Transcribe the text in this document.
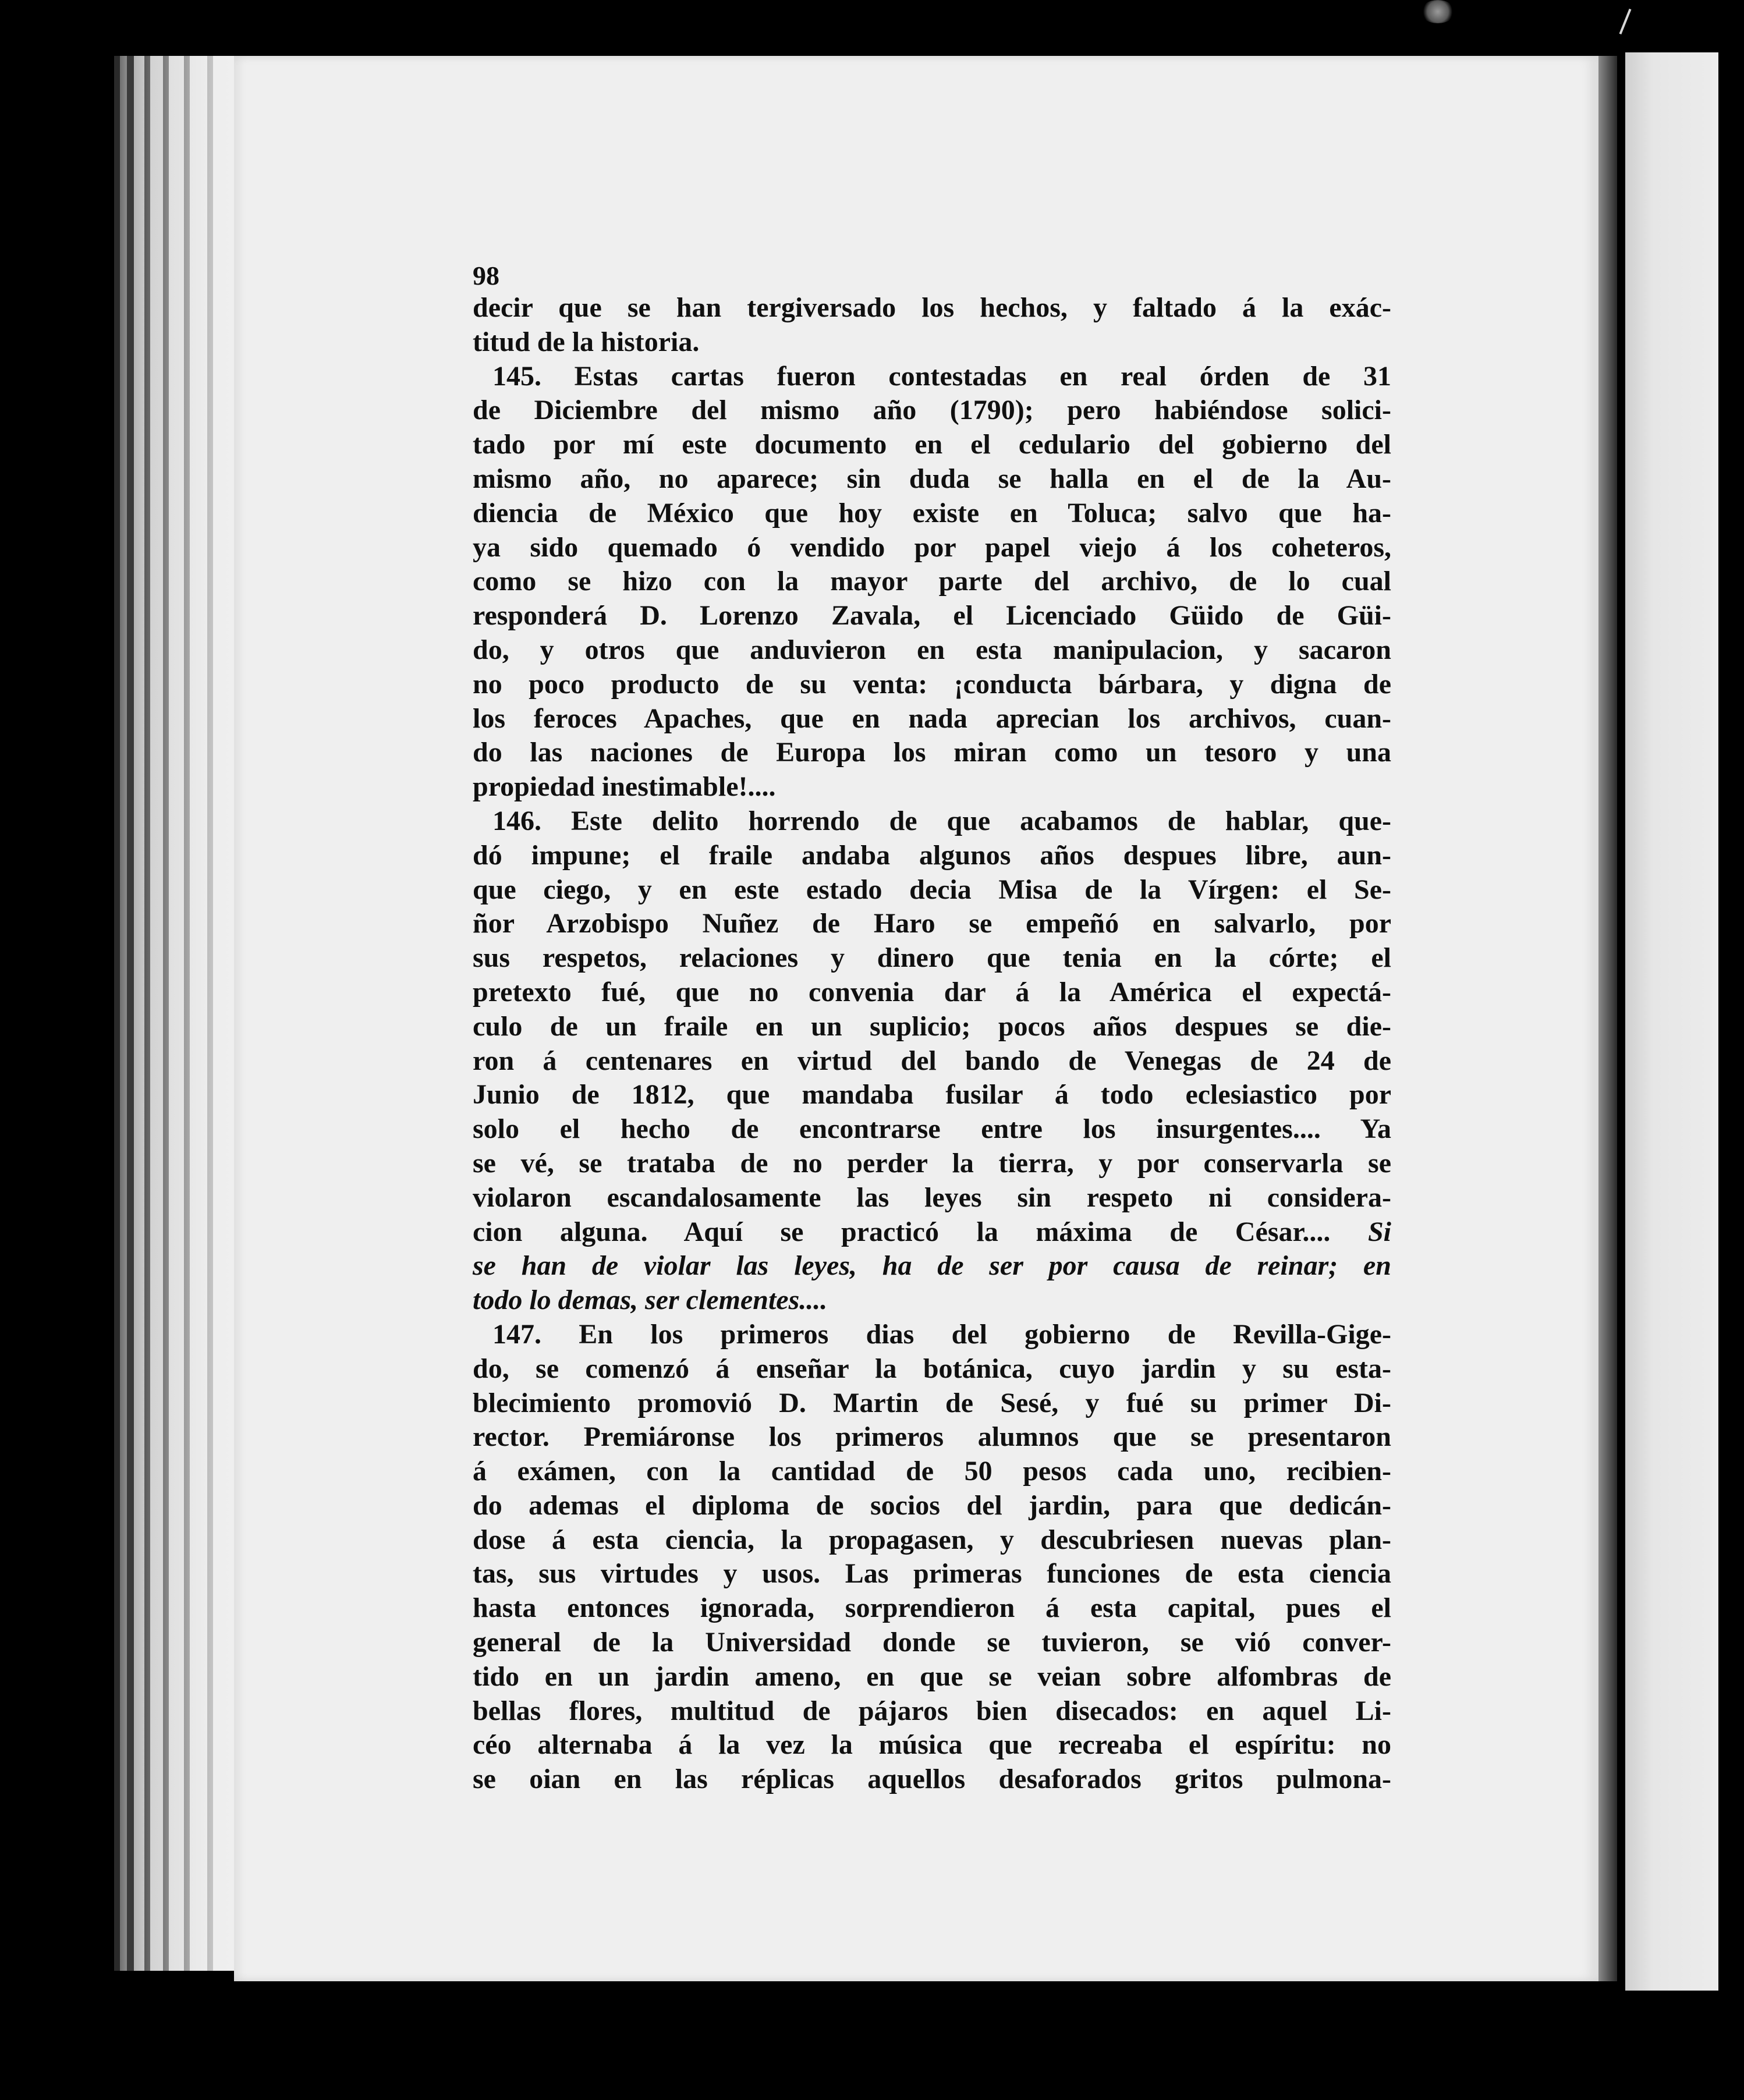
98
decir que se han tergiversado los hechos, y faltado á la exác-
titud de la historia.
145. Estas cartas fueron contestadas en real órden de 31
de Diciembre del mismo año (1790); pero habiéndose solici-
tado por mí este documento en el cedulario del gobierno del
mismo año, no aparece; sin duda se halla en el de la Au-
diencia de México que hoy existe en Toluca; salvo que ha-
ya sido quemado ó vendido por papel viejo á los coheteros,
como se hizo con la mayor parte del archivo, de lo cual
responderá D. Lorenzo Zavala, el Licenciado Güido de Güi-
do, y otros que anduvieron en esta manipulacion, y sacaron
no poco producto de su venta: ¡conducta bárbara, y digna de
los feroces Apaches, que en nada aprecian los archivos, cuan-
do las naciones de Europa los miran como un tesoro y una
propiedad inestimable!....
146. Este delito horrendo de que acabamos de hablar, que-
dó impune; el fraile andaba algunos años despues libre, aun-
que ciego, y en este estado decia Misa de la Vírgen: el Se-
ñor Arzobispo Nuñez de Haro se empeñó en salvarlo, por
sus respetos, relaciones y dinero que tenia en la córte; el
pretexto fué, que no convenia dar á la América el expectá-
culo de un fraile en un suplicio; pocos años despues se die-
ron á centenares en virtud del bando de Venegas de 24 de
Junio de 1812, que mandaba fusilar á todo eclesiastico por
solo el hecho de encontrarse entre los insurgentes.... Ya
se vé, se trataba de no perder la tierra, y por conservarla se
violaron escandalosamente las leyes sin respeto ni considera-
cion alguna. Aquí se practicó la máxima de César.... Si
se han de violar las leyes, ha de ser por causa de reinar; en
todo lo demas, ser clementes....
147. En los primeros dias del gobierno de Revilla-Gige-
do, se comenzó á enseñar la botánica, cuyo jardin y su esta-
blecimiento promovió D. Martin de Sesé, y fué su primer Di-
rector. Premiáronse los primeros alumnos que se presentaron
á exámen, con la cantidad de 50 pesos cada uno, recibien-
do ademas el diploma de socios del jardin, para que dedicán-
dose á esta ciencia, la propagasen, y descubriesen nuevas plan-
tas, sus virtudes y usos. Las primeras funciones de esta ciencia
hasta entonces ignorada, sorprendieron á esta capital, pues el
general de la Universidad donde se tuvieron, se vió conver-
tido en un jardin ameno, en que se veian sobre alfombras de
bellas flores, multitud de pájaros bien disecados: en aquel Li-
céo alternaba á la vez la música que recreaba el espíritu: no
se oian en las réplicas aquellos desaforados gritos pulmona-
